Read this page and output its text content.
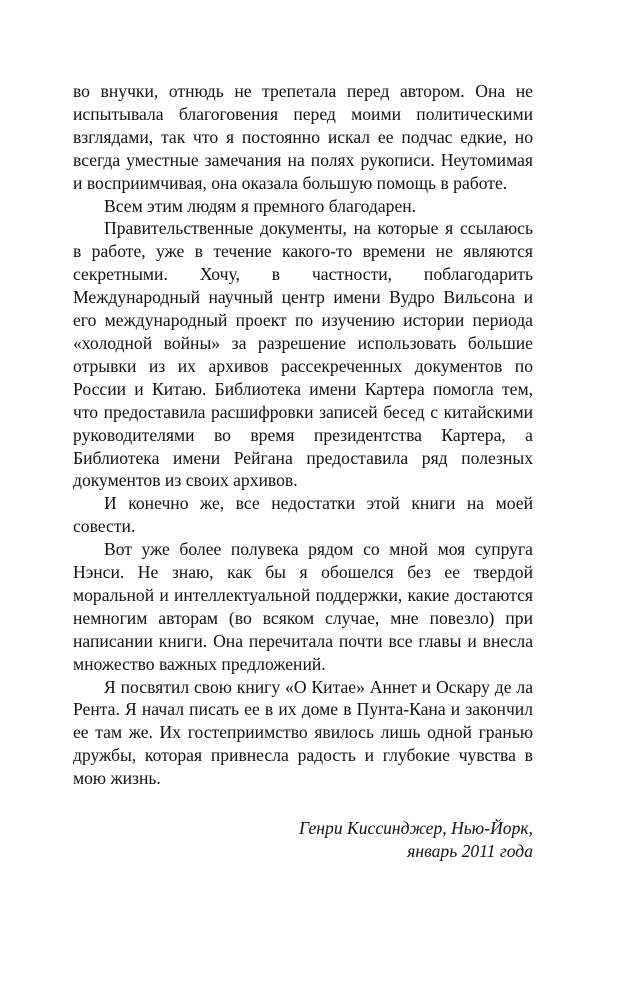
во внучки, отнюдь не трепетала перед автором. Она не испытывала благоговения перед моими политическими взглядами, так что я постоянно искал ее подчас едкие, но всегда уместные замечания на полях рукописи. Неутомимая и восприимчивая, она оказала большую помощь в работе.

Всем этим людям я премного благодарен.

Правительственные документы, на которые я ссылаюсь в работе, уже в течение какого-то времени не являются секретными. Хочу, в частности, поблагодарить Международный научный центр имени Вудро Вильсона и его международный проект по изучению истории периода «холодной войны» за разрешение использовать большие отрывки из их архивов рассекреченных документов по России и Китаю. Библиотека имени Картера помогла тем, что предоставила расшифровки записей бесед с китайскими руководителями во время президентства Картера, а Библиотека имени Рейгана предоставила ряд полезных документов из своих архивов.

И конечно же, все недостатки этой книги на моей совести.

Вот уже более полувека рядом со мной моя супруга Нэнси. Не знаю, как бы я обошелся без ее твердой моральной и интеллектуальной поддержки, какие достаются немногим авторам (во всяком случае, мне повезло) при написании книги. Она перечитала почти все главы и внесла множество важных предложений.

Я посвятил свою книгу «О Китае» Аннет и Оскару де ла Рента. Я начал писать ее в их доме в Пунта-Кана и закончил ее там же. Их гостеприимство явилось лишь одной гранью дружбы, которая привнесла радость и глубокие чувства в мою жизнь.

Генри Киссинджер, Нью-Йорк,
январь 2011 года
